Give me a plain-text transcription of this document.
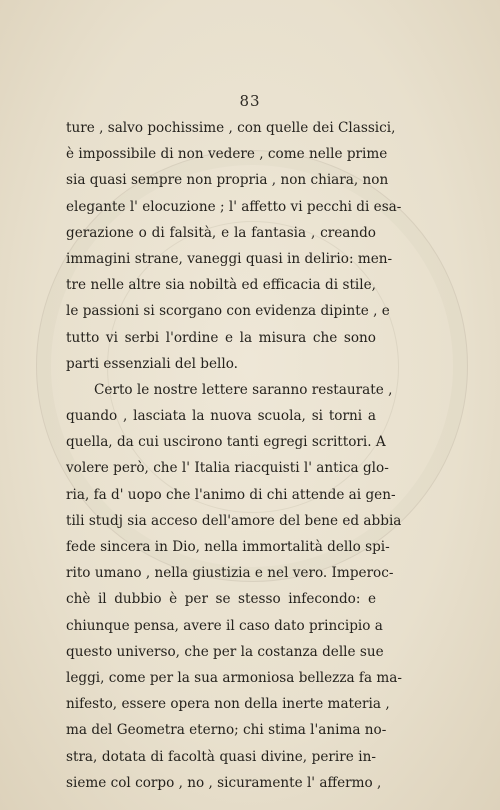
83
ture , salvo pochissime , con quelle dei Classici,
è impossibile di non vedere , come nelle prime
sia quasi sempre non propria , non chiara, non
elegante l' elocuzione ; l' affetto vi pecchi di esa-
gerazione o di falsità, e la fantasia , creando
immagini strane, vaneggi quasi in delirio: men-
tre nelle altre sia nobiltà ed efficacia di stile,
le passioni si scorgano con evidenza dipinte , e
tutto vi serbi l'ordine e la misura che sono
parti essenziali del bello.
Certo le nostre lettere saranno restaurate ,
quando , lasciata la nuova scuola, si torni a
quella, da cui uscirono tanti egregi scrittori. A
volere però, che l' Italia riacquisti l' antica glo-
ria, fa d' uopo che l'animo di chi attende ai gen-
tili studj sia acceso dell'amore del bene ed abbia
fede sincera in Dio, nella immortalità dello spi-
rito umano , nella giustizia e nel vero. Imperoc-
chè il dubbio è per se stesso infecondo: e
chiunque pensa, avere il caso dato principio a
questo universo, che per la costanza delle sue
leggi, come per la sua armoniosa bellezza fa ma-
nifesto, essere opera non della inerte materia ,
ma del Geometra eterno; chi stima l'anima no-
stra, dotata di facoltà quasi divine, perire in-
sieme col corpo , no , sicuramente l' affermo ,
